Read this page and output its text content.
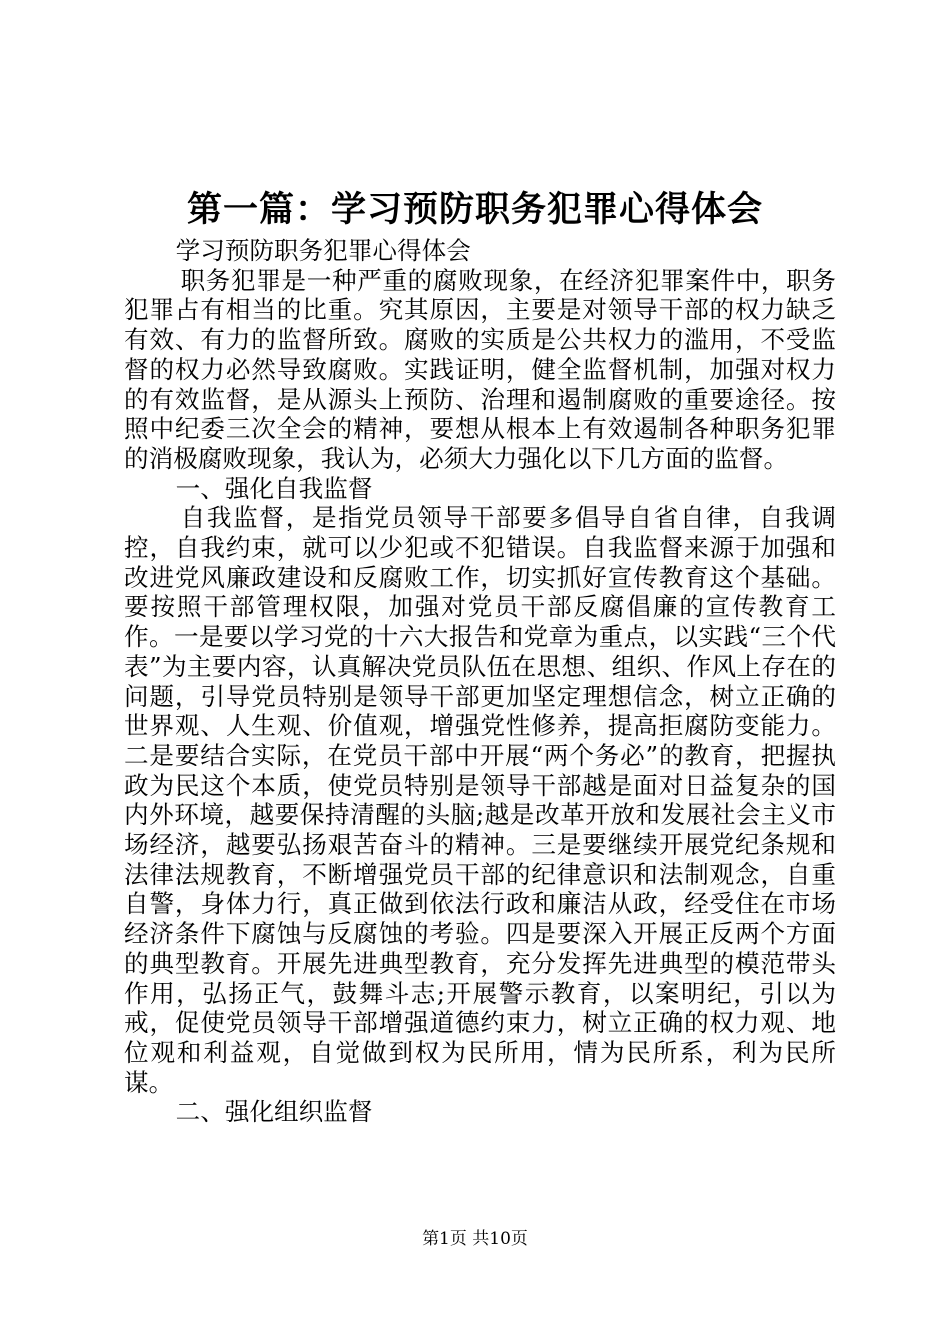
第一篇：学习预防职务犯罪心得体会

学习预防职务犯罪心得体会

职务犯罪是一种严重的腐败现象，在经济犯罪案件中，职务犯罪占有相当的比重。究其原因，主要是对领导干部的权力缺乏有效、有力的监督所致。腐败的实质是公共权力的滥用，不受监督的权力必然导致腐败。实践证明，健全监督机制，加强对权力的有效监督，是从源头上预防、治理和遏制腐败的重要途径。按照中纪委三次全会的精神，要想从根本上有效遏制各种职务犯罪的消极腐败现象，我认为，必须大力强化以下几方面的监督。

一、强化自我监督

自我监督，是指党员领导干部要多倡导自省自律，自我调控，自我约束，就可以少犯或不犯错误。自我监督来源于加强和改进党风廉政建设和反腐败工作，切实抓好宣传教育这个基础。要按照干部管理权限，加强对党员干部反腐倡廉的宣传教育工作。一是要以学习党的十六大报告和党章为重点，以实践“三个代表”为主要内容，认真解决党员队伍在思想、组织、作风上存在的问题，引导党员特别是领导干部更加坚定理想信念，树立正确的世界观、人生观、价值观，增强党性修养，提高拒腐防变能力。二是要结合实际，在党员干部中开展“两个务必”的教育，把握执政为民这个本质，使党员特别是领导干部越是面对日益复杂的国内外环境，越要保持清醒的头脑;越是改革开放和发展社会主义市场经济，越要弘扬艰苦奋斗的精神。三是要继续开展党纪条规和法律法规教育，不断增强党员干部的纪律意识和法制观念，自重自警，身体力行，真正做到依法行政和廉洁从政，经受住在市场经济条件下腐蚀与反腐蚀的考验。四是要深入开展正反两个方面的典型教育。开展先进典型教育，充分发挥先进典型的模范带头作用，弘扬正气，鼓舞斗志;开展警示教育，以案明纪，引以为戒，促使党员领导干部增强道德约束力，树立正确的权力观、地位观和利益观，自觉做到权为民所用，情为民所系，利为民所谋。

二、强化组织监督

第1页 共10页
